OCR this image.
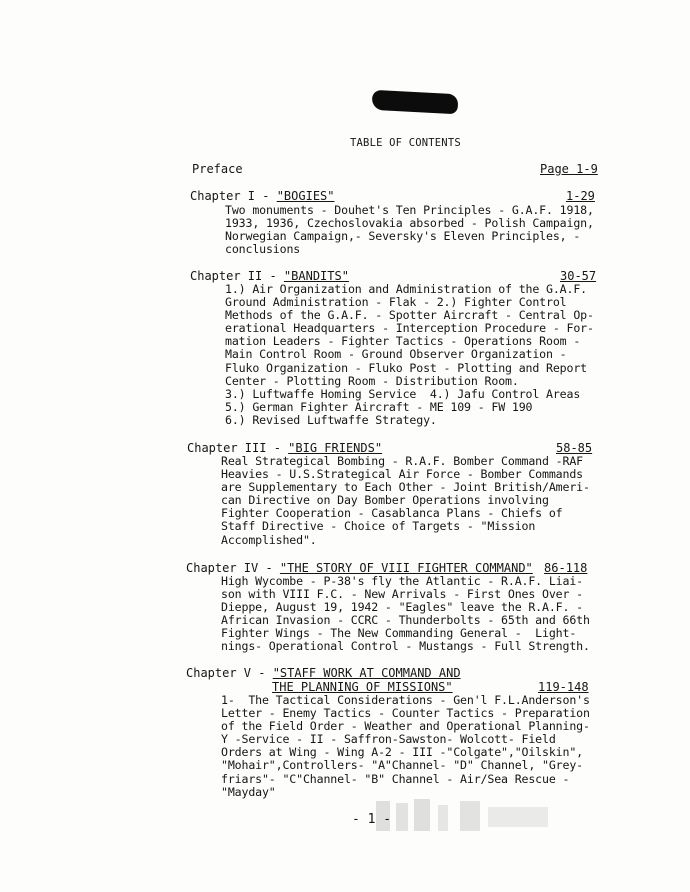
TABLE OF CONTENTS
Preface	Page 1-9
Chapter I - "BOGIES"	1-29
Two monuments - Douhet's Ten Principles - G.A.F. 1918,
1933, 1936, Czechoslovakia absorbed - Polish Campaign,
Norwegian Campaign,- Seversky's Eleven Principles, -
conclusions
Chapter II - "BANDITS"	30-57
1.) Air Organization and Administration of the G.A.F.
Ground Administration - Flak - 2.) Fighter Control
Methods of the G.A.F. - Spotter Aircraft - Central Op-
erational Headquarters - Interception Procedure - For-
mation Leaders - Fighter Tactics - Operations Room -
Main Control Room - Ground Observer Organization -
Fluko Organization - Fluko Post - Plotting and Report
Center - Plotting Room - Distribution Room.
3.) Luftwaffe Homing Service  4.) Jafu Control Areas
5.) German Fighter Aircraft - ME 109 - FW 190
6.) Revised Luftwaffe Strategy.
Chapter III - "BIG FRIENDS"	58-85
Real Strategical Bombing - R.A.F. Bomber Command -RAF
Heavies - U.S.Strategical Air Force - Bomber Commands
are Supplementary to Each Other - Joint British/Ameri-
can Directive on Day Bomber Operations involving
Fighter Cooperation - Casablanca Plans - Chiefs of
Staff Directive - Choice of Targets - "Mission
Accomplished".
Chapter IV - "THE STORY OF VIII FIGHTER COMMAND" 86-118
High Wycombe - P-38's fly the Atlantic - R.A.F. Liai-
son with VIII F.C. - New Arrivals - First Ones Over -
Dieppe, August 19, 1942 - "Eagles" leave the R.A.F. -
African Invasion - CCRC - Thunderbolts - 65th and 66th
Fighter Wings - The New Commanding General -  Light-
nings- Operational Control - Mustangs - Full Strength.
Chapter V - "STAFF WORK AT COMMAND AND
THE PLANNING OF MISSIONS"	119-148
1-  The Tactical Considerations - Gen'l F.L.Anderson's
Letter - Enemy Tactics - Counter Tactics - Preparation
of the Field Order - Weather and Operational Planning-
Y -Service - II - Saffron-Sawston- Wolcott- Field
Orders at Wing - Wing A-2 - III -"Colgate","Oilskin",
"Mohair",Controllers- "A"Channel- "D" Channel, "Grey-
friars"- "C"Channel- "B" Channel - Air/Sea Rescue -
"Mayday"
- 1 -
